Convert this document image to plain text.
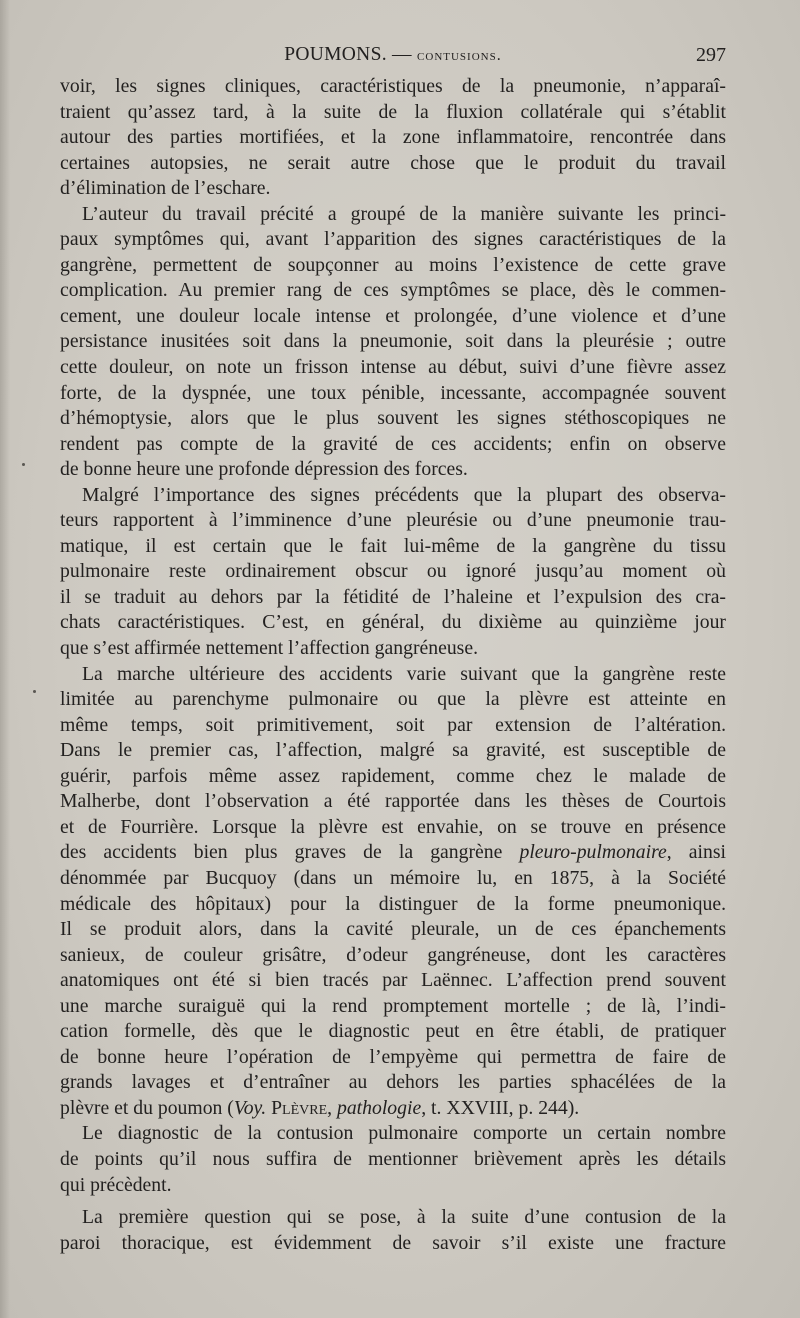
POUMONS. — contusions.	297
voir, les signes cliniques, caractéristiques de la pneumonie, n’apparaî-
traient qu’assez tard, à la suite de la fluxion collatérale qui s’établit
autour des parties mortifiées, et la zone inflammatoire, rencontrée dans
certaines autopsies, ne serait autre chose que le produit du travail
d’élimination de l’eschare.
L’auteur du travail précité a groupé de la manière suivante les princi-
paux symptômes qui, avant l’apparition des signes caractéristiques de la
gangrène, permettent de soupçonner au moins l’existence de cette grave
complication. Au premier rang de ces symptômes se place, dès le commen-
cement, une douleur locale intense et prolongée, d’une violence et d’une
persistance inusitées soit dans la pneumonie, soit dans la pleurésie ; outre
cette douleur, on note un frisson intense au début, suivi d’une fièvre assez
forte, de la dyspnée, une toux pénible, incessante, accompagnée souvent
d’hémoptysie, alors que le plus souvent les signes stéthoscopiques ne
rendent pas compte de la gravité de ces accidents; enfin on observe
de bonne heure une profonde dépression des forces.
Malgré l’importance des signes précédents que la plupart des observa-
teurs rapportent à l’imminence d’une pleurésie ou d’une pneumonie trau-
matique, il est certain que le fait lui-même de la gangrène du tissu
pulmonaire reste ordinairement obscur ou ignoré jusqu’au moment où
il se traduit au dehors par la fétidité de l’haleine et l’expulsion des cra-
chats caractéristiques. C’est, en général, du dixième au quinzième jour
que s’est affirmée nettement l’affection gangréneuse.
La marche ultérieure des accidents varie suivant que la gangrène reste
limitée au parenchyme pulmonaire ou que la plèvre est atteinte en
même temps, soit primitivement, soit par extension de l’altération.
Dans le premier cas, l’affection, malgré sa gravité, est susceptible de
guérir, parfois même assez rapidement, comme chez le malade de
Malherbe, dont l’observation a été rapportée dans les thèses de Courtois
et de Fourrière. Lorsque la plèvre est envahie, on se trouve en présence
des accidents bien plus graves de la gangrène pleuro-pulmonaire, ainsi
dénommée par Bucquoy (dans un mémoire lu, en 1875, à la Société
médicale des hôpitaux) pour la distinguer de la forme pneumonique.
Il se produit alors, dans la cavité pleurale, un de ces épanchements
sanieux, de couleur grisâtre, d’odeur gangréneuse, dont les caractères
anatomiques ont été si bien tracés par Laënnec. L’affection prend souvent
une marche suraiguë qui la rend promptement mortelle ; de là, l’indi-
cation formelle, dès que le diagnostic peut en être établi, de pratiquer
de bonne heure l’opération de l’empyème qui permettra de faire de
grands lavages et d’entraîner au dehors les parties sphacélées de la
plèvre et du poumon (Voy. Plèvre, pathologie, t. XXVIII, p. 244).
Le diagnostic de la contusion pulmonaire comporte un certain nombre
de points qu’il nous suffira de mentionner brièvement après les détails
qui précèdent.
La première question qui se pose, à la suite d’une contusion de la
paroi thoracique, est évidemment de savoir s’il existe une fracture
